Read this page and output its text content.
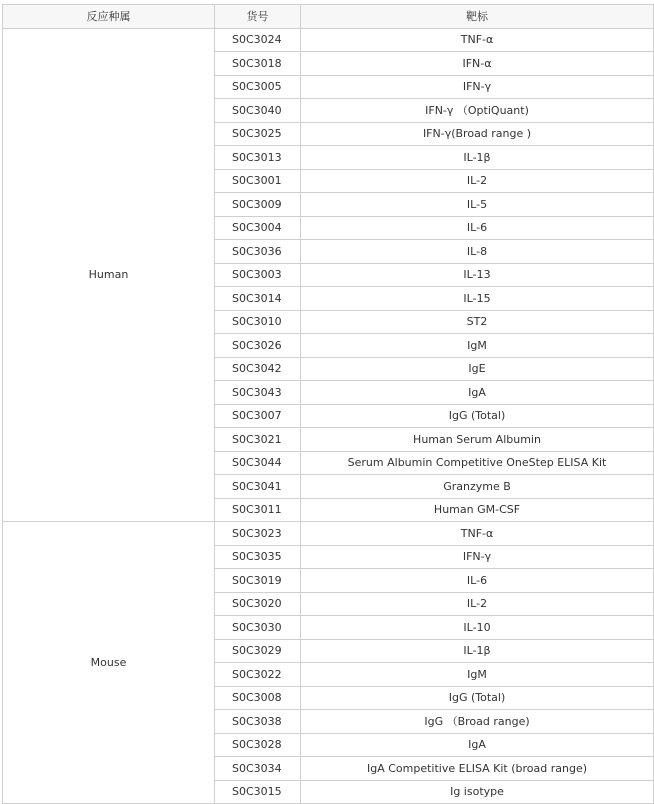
反应种属	货号	靶标
Human	S0C3024	TNF-α
	S0C3018	IFN-α
	S0C3005	IFN-γ
	S0C3040	IFN-γ （OptiQuant)
	S0C3025	IFN-γ(Broad range )
	S0C3013	IL-1β
	S0C3001	IL-2
	S0C3009	IL-5
	S0C3004	IL-6
	S0C3036	IL-8
	S0C3003	IL-13
	S0C3014	IL-15
	S0C3010	ST2
	S0C3026	IgM
	S0C3042	IgE
	S0C3043	IgA
	S0C3007	IgG (Total)
	S0C3021	Human Serum Albumin
	S0C3044	Serum Albumin Competitive OneStep ELISA Kit
	S0C3041	Granzyme B
	S0C3011	Human GM-CSF
Mouse	S0C3023	TNF-α
	S0C3035	IFN-γ
	S0C3019	IL-6
	S0C3020	IL-2
	S0C3030	IL-10
	S0C3029	IL-1β
	S0C3022	IgM
	S0C3008	IgG (Total)
	S0C3038	IgG （Broad range)
	S0C3028	IgA
	S0C3034	IgA Competitive ELISA Kit (broad range)
	S0C3015	Ig isotype
